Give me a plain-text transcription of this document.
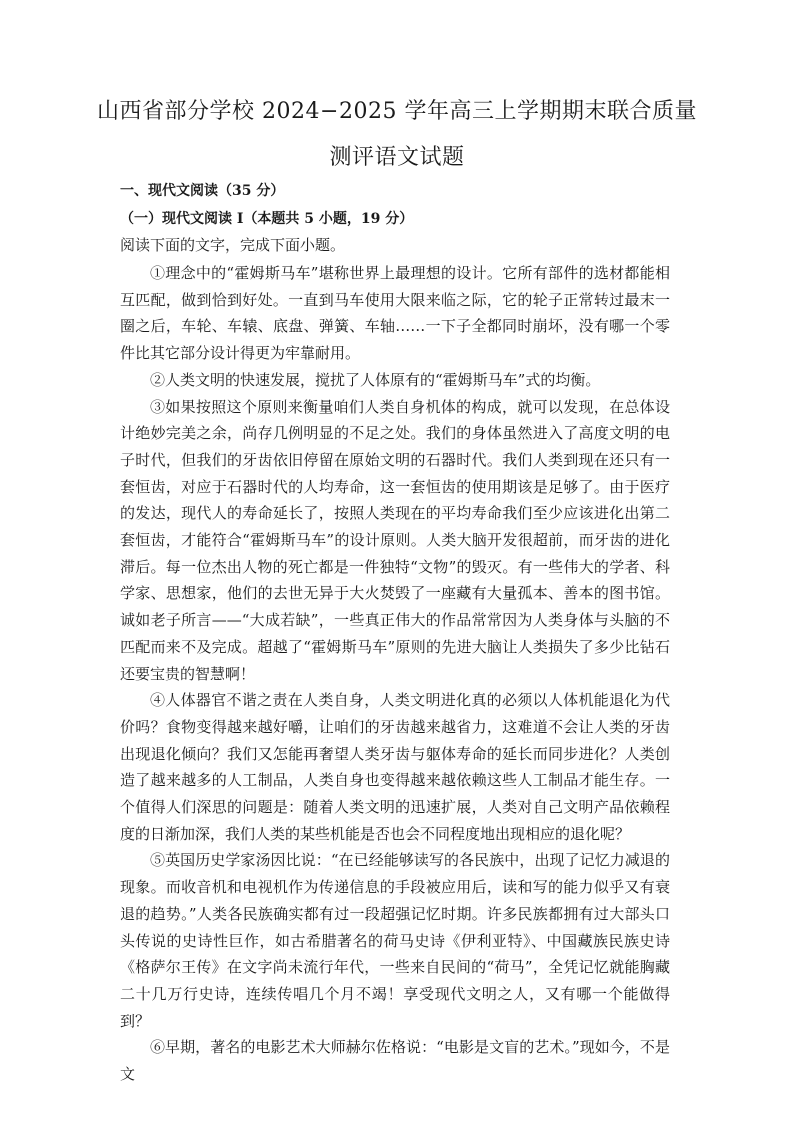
山西省部分学校 2024−2025 学年高三上学期期末联合质量
测评语文试题
一、现代文阅读（35 分）
（一）现代文阅读 I（本题共 5 小题，19 分）
阅读下面的文字，完成下面小题。

①理念中的“霍姆斯马车”堪称世界上最理想的设计。它所有部件的选材都能相互匹配，做到恰到好处。一直到马车使用大限来临之际，它的轮子正常转过最末一圈之后，车轮、车辕、底盘、弹簧、车轴……一下子全都同时崩坏，没有哪一个零件比其它部分设计得更为牢靠耐用。

②人类文明的快速发展，搅扰了人体原有的“霍姆斯马车”式的均衡。

③如果按照这个原则来衡量咱们人类自身机体的构成，就可以发现，在总体设计绝妙完美之余，尚存几例明显的不足之处。我们的身体虽然进入了高度文明的电子时代，但我们的牙齿依旧停留在原始文明的石器时代。我们人类到现在还只有一套恒齿，对应于石器时代的人均寿命，这一套恒齿的使用期该是足够了。由于医疗的发达，现代人的寿命延长了，按照人类现在的平均寿命我们至少应该进化出第二套恒齿，才能符合“霍姆斯马车”的设计原则。人类大脑开发很超前，而牙齿的进化滞后。每一位杰出人物的死亡都是一件独特“文物”的毁灭。有一些伟大的学者、科学家、思想家，他们的去世无异于大火焚毁了一座藏有大量孤本、善本的图书馆。诚如老子所言——“大成若缺”，一些真正伟大的作品常常因为人类身体与头脑的不匹配而来不及完成。超越了“霍姆斯马车”原则的先进大脑让人类损失了多少比钻石还要宝贵的智慧啊！

④人体器官不谐之责在人类自身，人类文明进化真的必须以人体机能退化为代价吗？食物变得越来越好嚼，让咱们的牙齿越来越省力，这难道不会让人类的牙齿出现退化倾向？我们又怎能再奢望人类牙齿与躯体寿命的延长而同步进化？人类创造了越来越多的人工制品，人类自身也变得越来越依赖这些人工制品才能生存。一个值得人们深思的问题是：随着人类文明的迅速扩展，人类对自己文明产品依赖程度的日渐加深，我们人类的某些机能是否也会不同程度地出现相应的退化呢？

⑤英国历史学家汤因比说：“在已经能够读写的各民族中，出现了记忆力减退的现象。而收音机和电视机作为传递信息的手段被应用后，读和写的能力似乎又有衰退的趋势。”人类各民族确实都有过一段超强记忆时期。许多民族都拥有过大部头口头传说的史诗性巨作，如古希腊著名的荷马史诗《伊利亚特》、中国藏族民族史诗《格萨尔王传》在文字尚未流行年代，一些来自民间的“荷马”，全凭记忆就能胸藏二十几万行史诗，连续传唱几个月不竭！享受现代文明之人，又有哪一个能做得到？

⑥早期，著名的电影艺术大师赫尔佐格说：“电影是文盲的艺术。”现如今，不是文
